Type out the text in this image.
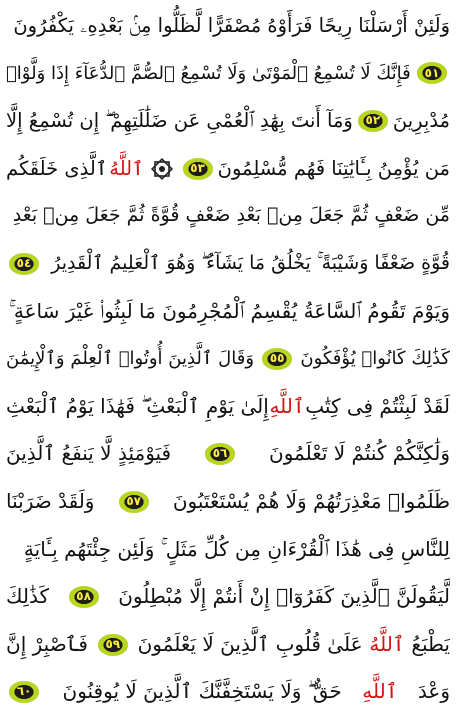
وَلَئِنْ أَرْسَلْنَا رِيحًا فَرَأَوْهُ مُصْفَرًّا لَّظَلُّوا مِنۢ بَعْدِهِۦ يَكْفُرُونَ
٥١
فَإِنَّكَ لَا تُسْمِعُ ٱلْمَوْتَىٰ وَلَا تُسْمِعُ ٱلصُّمَّ ٱلدُّعَآءَ إِذَا وَلَّوْا۟
مُدْبِرِينَ
٥٢
وَمَآ أَنتَ بِهَٰدِ ٱلْعُمْىِ عَن ضَلَٰلَتِهِمْ ۖ إِن تُسْمِعُ إِلَّا
مَن يُؤْمِنُ بِـَٔايَٰتِنَا فَهُم مُّسْلِمُونَ
٥٣
ٱللَّهُ
ٱلَّذِى خَلَقَكُم
مِّن ضَعْفٍ ثُمَّ جَعَلَ مِنۢ بَعْدِ ضَعْفٍ قُوَّةً ثُمَّ جَعَلَ مِنۢ بَعْدِ
قُوَّةٍ ضَعْفًا وَشَيْبَةً ۚ يَخْلُقُ مَا يَشَآءُ ۖ وَهُوَ ٱلْعَلِيمُ ٱلْقَدِيرُ
٥٤
وَيَوْمَ تَقُومُ ٱلسَّاعَةُ يُقْسِمُ ٱلْمُجْرِمُونَ مَا لَبِثُوا۟ غَيْرَ سَاعَةٍ ۚ
كَذَٰلِكَ كَانُوا۟ يُؤْفَكُونَ
٥٥
وَقَالَ ٱلَّذِينَ أُوتُوا۟ ٱلْعِلْمَ وَٱلْإِيمَٰنَ
لَقَدْ لَبِثْتُمْ فِى كِتَٰبِ
ٱللَّهِ
إِلَىٰ يَوْمِ ٱلْبَعْثِ ۖ فَهَٰذَا يَوْمُ ٱلْبَعْثِ
وَلَٰكِنَّكُمْ كُنتُمْ لَا تَعْلَمُونَ
٥٦
فَيَوْمَئِذٍ لَّا يَنفَعُ ٱلَّذِينَ
ظَلَمُوا۟ مَعْذِرَتُهُمْ وَلَا هُمْ يُسْتَعْتَبُونَ
٥٧
وَلَقَدْ ضَرَبْنَا
لِلنَّاسِ فِى هَٰذَا ٱلْقُرْءَانِ مِن كُلِّ مَثَلٍ ۚ وَلَئِن جِئْتَهُم بِـَٔايَةٍ
لَّيَقُولَنَّ ٱلَّذِينَ كَفَرُوٓا۟ إِنْ أَنتُمْ إِلَّا مُبْطِلُونَ
٥٨
كَذَٰلِكَ
يَطْبَعُ
ٱللَّهُ
عَلَىٰ قُلُوبِ ٱلَّذِينَ لَا يَعْلَمُونَ
٥٩
فَٱصْبِرْ إِنَّ
وَعْدَ
ٱللَّهِ
حَقٌّ ۖ وَلَا يَسْتَخِفَّنَّكَ ٱلَّذِينَ لَا يُوقِنُونَ
٦٠
